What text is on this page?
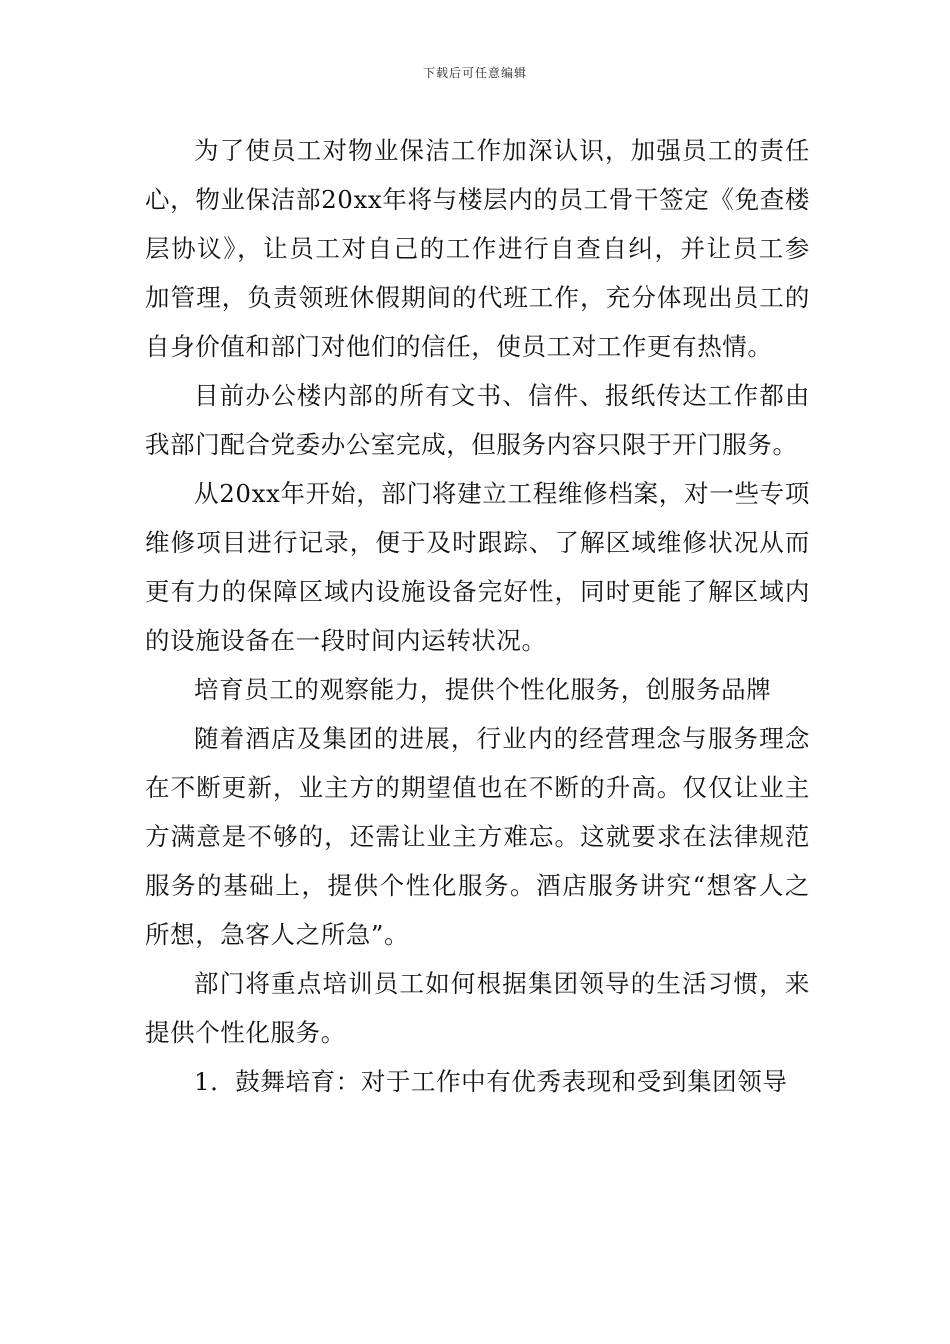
下载后可任意编辑

为了使员工对物业保洁工作加深认识，加强员工的责任心，物业保洁部20xx年将与楼层内的员工骨干签定《免查楼层协议》，让员工对自己的工作进行自查自纠，并让员工参加管理，负责领班休假期间的代班工作，充分体现出员工的自身价值和部门对他们的信任，使员工对工作更有热情。

目前办公楼内部的所有文书、信件、报纸传达工作都由我部门配合党委办公室完成，但服务内容只限于开门服务。

从20xx年开始，部门将建立工程维修档案，对一些专项维修项目进行记录，便于及时跟踪、了解区域维修状况从而更有力的保障区域内设施设备完好性，同时更能了解区域内的设施设备在一段时间内运转状况。

培育员工的观察能力，提供个性化服务，创服务品牌

随着酒店及集团的进展，行业内的经营理念与服务理念在不断更新，业主方的期望值也在不断的升高。仅仅让业主方满意是不够的，还需让业主方难忘。这就要求在法律规范服务的基础上，提供个性化服务。酒店服务讲究“想客人之所想，急客人之所急”。

部门将重点培训员工如何根据集团领导的生活习惯，来提供个性化服务。

1．鼓舞培育：对于工作中有优秀表现和受到集团领导
